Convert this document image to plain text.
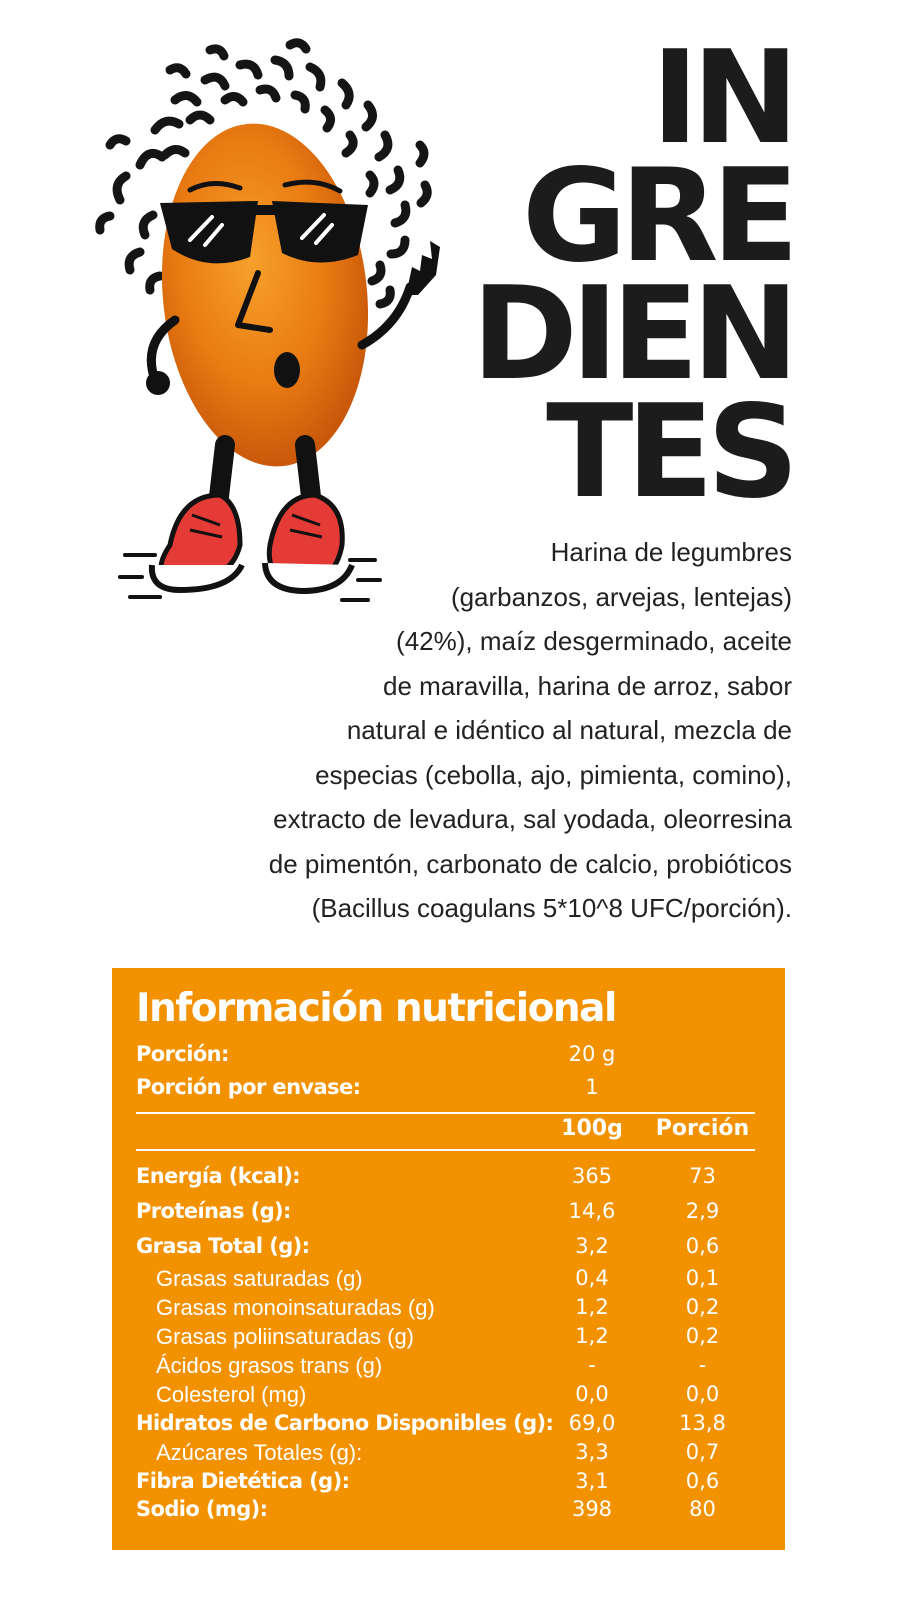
IN
GRE
DIEN
TES
Harina de legumbres
(garbanzos, arvejas, lentejas)
(42%), maíz desgerminado, aceite
de maravilla, harina de arroz, sabor
natural e idéntico al natural, mezcla de
especias (cebolla, ajo, pimienta, comino),
extracto de levadura, sal yodada, oleorresina
de pimentón, carbonato de calcio, probióticos
(Bacillus coagulans 5*10^8 UFC/porción).
Información nutricional
Porción:	20 g
Porción por envase:	1
100g	Porción
Energía (kcal):	365	73
Proteínas (g):	14,6	2,9
Grasa Total (g):	3,2	0,6
Grasas saturadas (g)	0,4	0,1
Grasas monoinsaturadas (g)	1,2	0,2
Grasas poliinsaturadas (g)	1,2	0,2
Ácidos grasos trans (g)	-	-
Colesterol (mg)	0,0	0,0
Hidratos de Carbono Disponibles (g): 69,0	13,8
Azúcares Totales (g):	3,3	0,7
Fibra Dietética (g):	3,1	0,6
Sodio (mg):	398	80
